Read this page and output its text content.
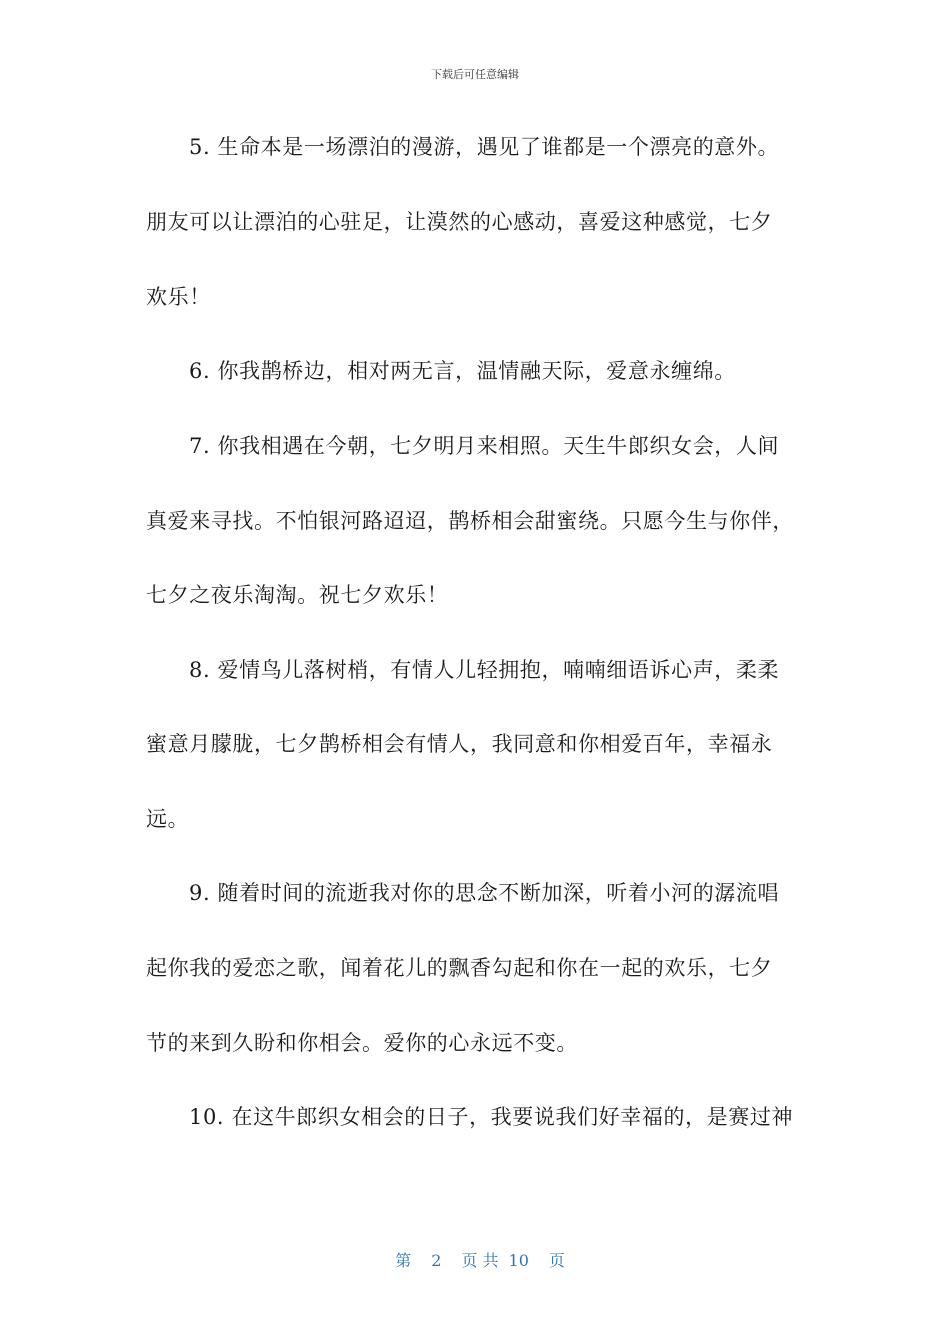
下载后可任意编辑
5. 生命本是一场漂泊的漫游，遇见了谁都是一个漂亮的意外。
朋友可以让漂泊的心驻足，让漠然的心感动，喜爱这种感觉，七夕
欢乐！
6. 你我鹊桥边，相对两无言，温情融天际，爱意永缠绵。
7. 你我相遇在今朝，七夕明月来相照。天生牛郎织女会，人间
真爱来寻找。不怕银河路迢迢，鹊桥相会甜蜜绕。只愿今生与你伴，
七夕之夜乐淘淘。祝七夕欢乐！
8. 爱情鸟儿落树梢，有情人儿轻拥抱，喃喃细语诉心声，柔柔
蜜意月朦胧，七夕鹊桥相会有情人，我同意和你相爱百年，幸福永
远。
9. 随着时间的流逝我对你的思念不断加深，听着小河的潺流唱
起你我的爱恋之歌，闻着花儿的飘香勾起和你在一起的欢乐，七夕
节的来到久盼和你相会。爱你的心永远不变。
10. 在这牛郎织女相会的日子，我要说我们好幸福的，是赛过神

第 2 页 共 10 页
